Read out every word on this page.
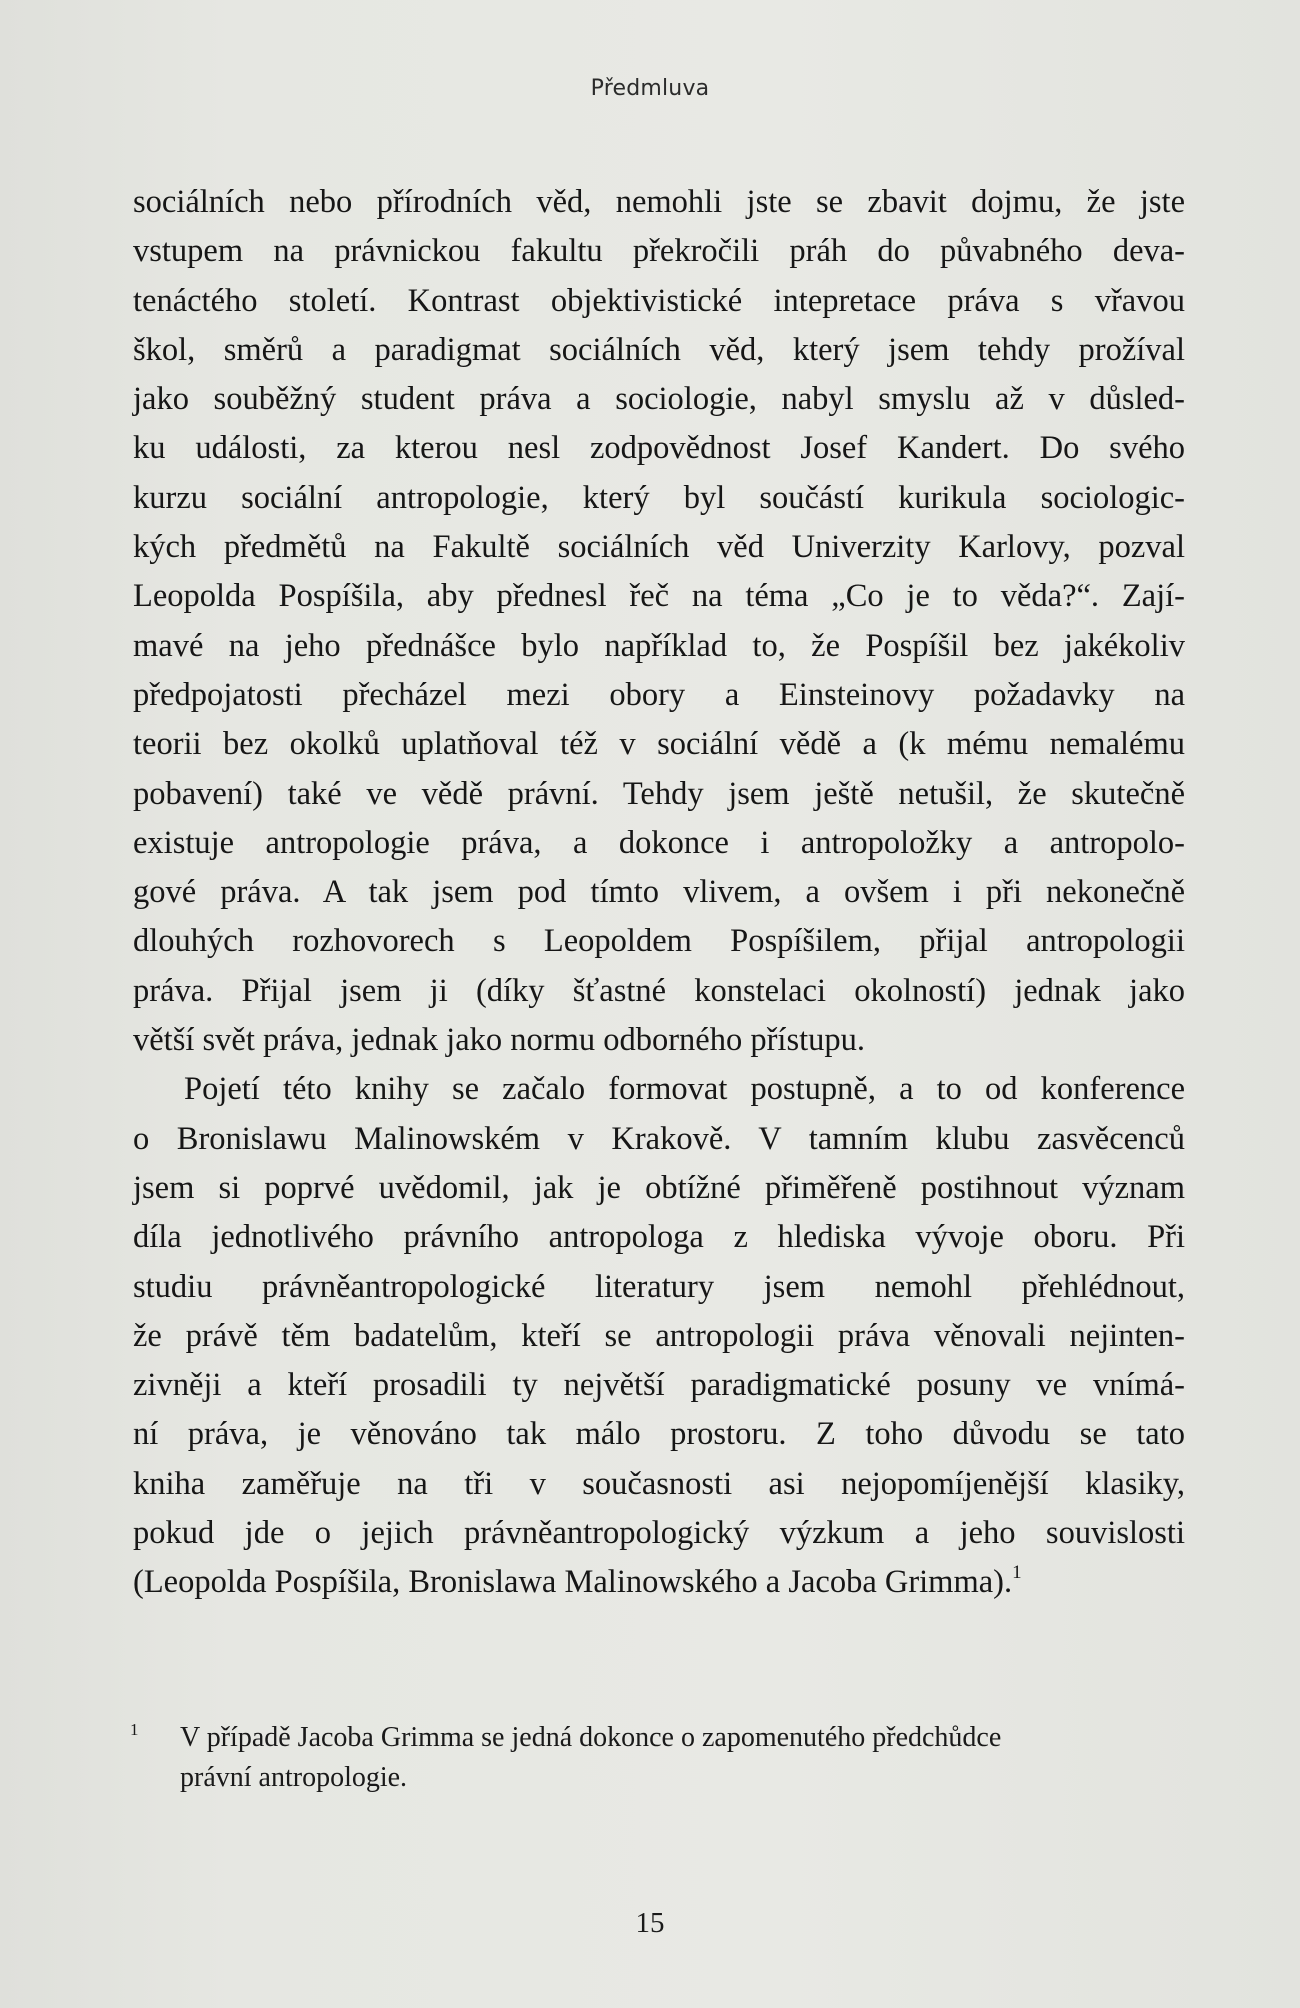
Předmluva
sociálních nebo přírodních věd, nemohli jste se zbavit dojmu, že jste
vstupem na právnickou fakultu překročili práh do půvabného deva-
tenáctého století. Kontrast objektivistické intepretace práva s vřavou
škol, směrů a paradigmat sociálních věd, který jsem tehdy prožíval
jako souběžný student práva a sociologie, nabyl smyslu až v důsled-
ku události, za kterou nesl zodpovědnost Josef Kandert. Do svého
kurzu sociální antropologie, který byl součástí kurikula sociologic-
kých předmětů na Fakultě sociálních věd Univerzity Karlovy, pozval
Leopolda Pospíšila, aby přednesl řeč na téma „Co je to věda?“. Zají-
mavé na jeho přednášce bylo například to, že Pospíšil bez jakékoliv
předpojatosti přecházel mezi obory a Einsteinovy požadavky na
teorii bez okolků uplatňoval též v sociální vědě a (k mému nemalému
pobavení) také ve vědě právní. Tehdy jsem ještě netušil, že skutečně
existuje antropologie práva, a dokonce i antropoložky a antropolo-
gové práva. A tak jsem pod tímto vlivem, a ovšem i při nekonečně
dlouhých rozhovorech s Leopoldem Pospíšilem, přijal antropologii
práva. Přijal jsem ji (díky šťastné konstelaci okolností) jednak jako
větší svět práva, jednak jako normu odborného přístupu.
Pojetí této knihy se začalo formovat postupně, a to od konference
o Bronislawu Malinowském v Krakově. V tamním klubu zasvěcenců
jsem si poprvé uvědomil, jak je obtížné přiměřeně postihnout význam
díla jednotlivého právního antropologa z hlediska vývoje oboru. Při
studiu právněantropologické literatury jsem nemohl přehlédnout,
že právě těm badatelům, kteří se antropologii práva věnovali nejinten-
zivněji a kteří prosadili ty největší paradigmatické posuny ve vnímá-
ní práva, je věnováno tak málo prostoru. Z toho důvodu se tato
kniha zaměřuje na tři v současnosti asi nejopomíjenější klasiky,
pokud jde o jejich právněantropologický výzkum a jeho souvislosti
(Leopolda Pospíšila, Bronislawa Malinowského a Jacoba Grimma).$^1$
1	V případě Jacoba Grimma se jedná dokonce o zapomenutého předchůdce
právní antropologie.
15
